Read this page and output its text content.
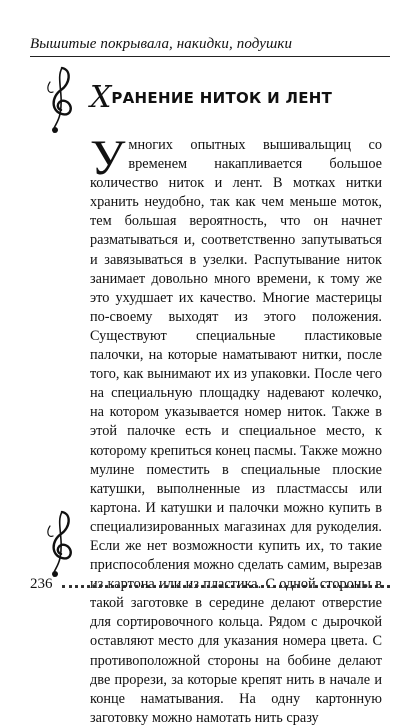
Вышитые покрывала, накидки, подушки
ХРАНЕНИЕ НИТОК И ЛЕНТ

У многих опытных вышивальщиц со временем накапливается большое количество ниток и лент. В мотках нитки хранить неудобно, так как чем меньше моток, тем большая вероятность, что он начнет разматываться и, соответственно запутываться и завязываться в узелки. Распутывание ниток занимает довольно много времени, к тому же это ухудшает их качество. Многие мастерицы по-своему выходят из этого положения. Существуют специальные пластиковые палочки, на которые наматывают нитки, после того, как вынимают их из упаковки. После чего на специальную площадку надевают колечко, на котором указывается номер ниток. Также в этой палочке есть и специальное место, к которому крепиться конец пасмы. Также можно мулине поместить в специальные плоские катушки, выполненные из пластмассы или картона. И катушки и палочки можно купить в специализированных магазинах для рукоделия. Если же нет возможности купить их, то такие приспособления можно сделать самим, вырезав из картона или из пластика. С одной стороны в такой заготовке в середине делают отверстие для сортировочного кольца. Рядом с дырочкой оставляют место для указания номера цвета. С противоположной стороны на бобине делают две прорези, за которые крепят нить в начале и конце наматывания. На одну картонную заготовку можно намотать нить сразу

236
